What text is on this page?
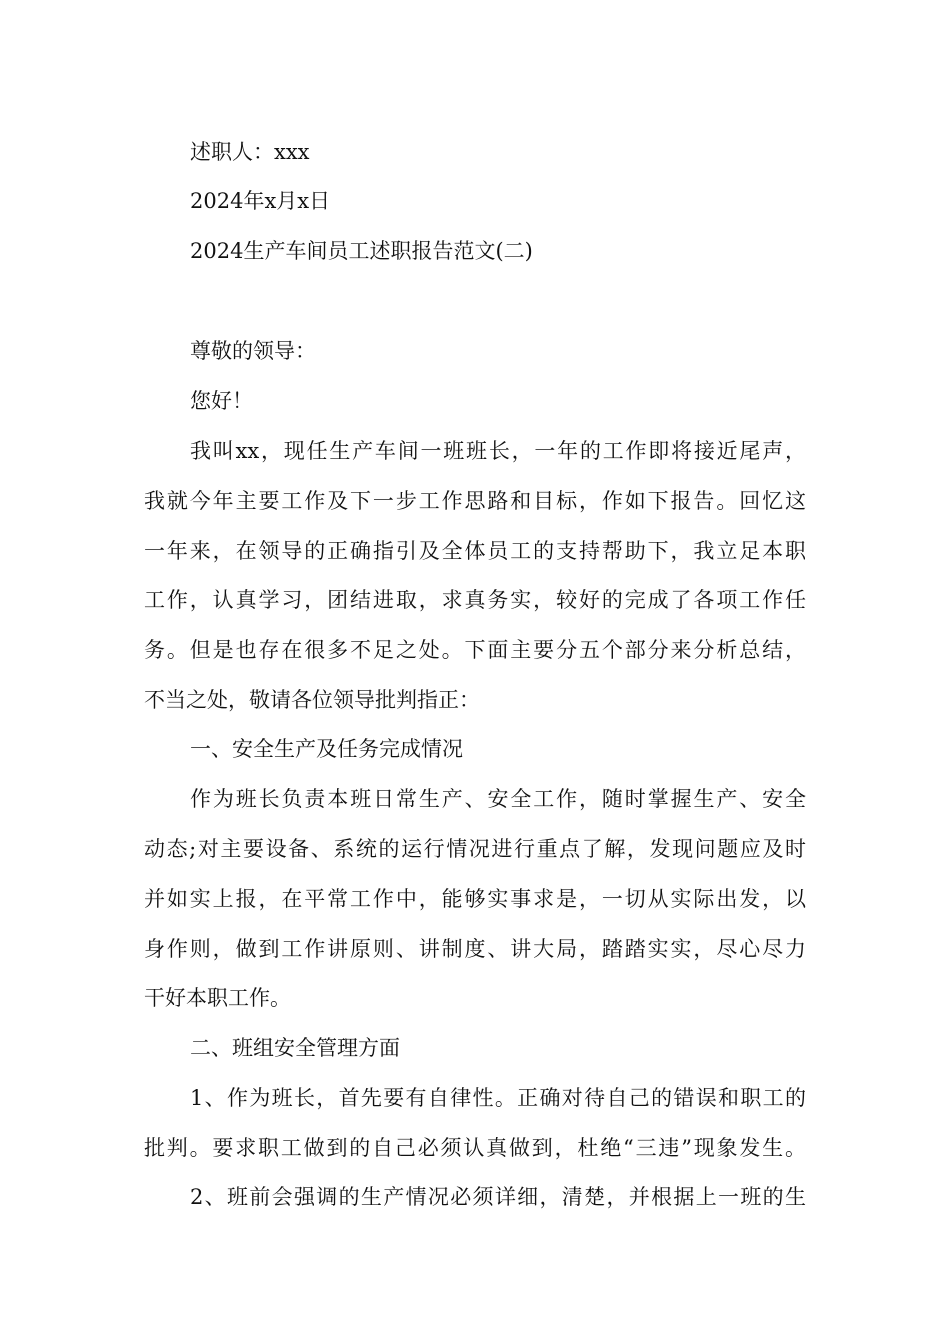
述职人：xxx
2024年x月x日
2024生产车间员工述职报告范文(二)
尊敬的领导：
您好！
我叫xx，现任生产车间一班班长，一年的工作即将接近尾声，
我就今年主要工作及下一步工作思路和目标，作如下报告。回忆这
一年来，在领导的正确指引及全体员工的支持帮助下，我立足本职
工作，认真学习，团结进取，求真务实，较好的完成了各项工作任
务。但是也存在很多不足之处。下面主要分五个部分来分析总结，
不当之处，敬请各位领导批判指正：
一、安全生产及任务完成情况
作为班长负责本班日常生产、安全工作，随时掌握生产、安全
动态;对主要设备、系统的运行情况进行重点了解，发现问题应及时
并如实上报，在平常工作中，能够实事求是，一切从实际出发，以
身作则，做到工作讲原则、讲制度、讲大局，踏踏实实，尽心尽力
干好本职工作。
二、班组安全管理方面
1、作为班长，首先要有自律性。正确对待自己的错误和职工的
批判。要求职工做到的自己必须认真做到，杜绝“三违”现象发生。
2、班前会强调的生产情况必须详细，清楚，并根据上一班的生
